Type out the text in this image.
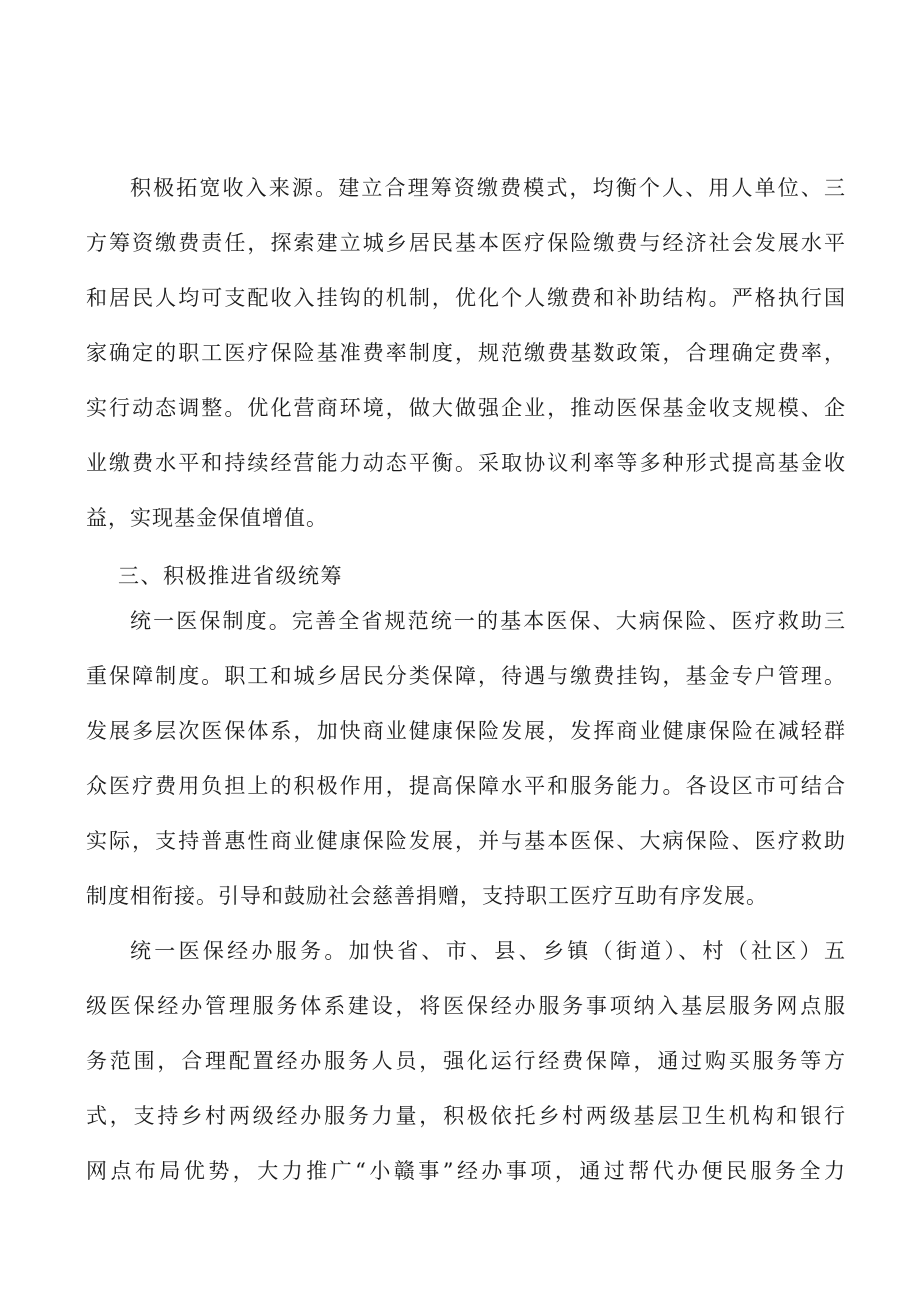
积极拓宽收入来源。建立合理筹资缴费模式，均衡个人、用人单位、三
方筹资缴费责任，探索建立城乡居民基本医疗保险缴费与经济社会发展水平
和居民人均可支配收入挂钩的机制，优化个人缴费和补助结构。严格执行国
家确定的职工医疗保险基准费率制度，规范缴费基数政策，合理确定费率，
实行动态调整。优化营商环境，做大做强企业，推动医保基金收支规模、企
业缴费水平和持续经营能力动态平衡。采取协议利率等多种形式提高基金收
益，实现基金保值增值。
三、积极推进省级统筹
统一医保制度。完善全省规范统一的基本医保、大病保险、医疗救助三
重保障制度。职工和城乡居民分类保障，待遇与缴费挂钩，基金专户管理。
发展多层次医保体系，加快商业健康保险发展，发挥商业健康保险在减轻群
众医疗费用负担上的积极作用，提高保障水平和服务能力。各设区市可结合
实际，支持普惠性商业健康保险发展，并与基本医保、大病保险、医疗救助
制度相衔接。引导和鼓励社会慈善捐赠，支持职工医疗互助有序发展。
统一医保经办服务。加快省、市、县、乡镇（街道）、村（社区）五
级医保经办管理服务体系建设，将医保经办服务事项纳入基层服务网点服
务范围，合理配置经办服务人员，强化运行经费保障，通过购买服务等方
式，支持乡村两级经办服务力量，积极依托乡村两级基层卫生机构和银行
网点布局优势，大力推广“小赣事”经办事项，通过帮代办便民服务全力
